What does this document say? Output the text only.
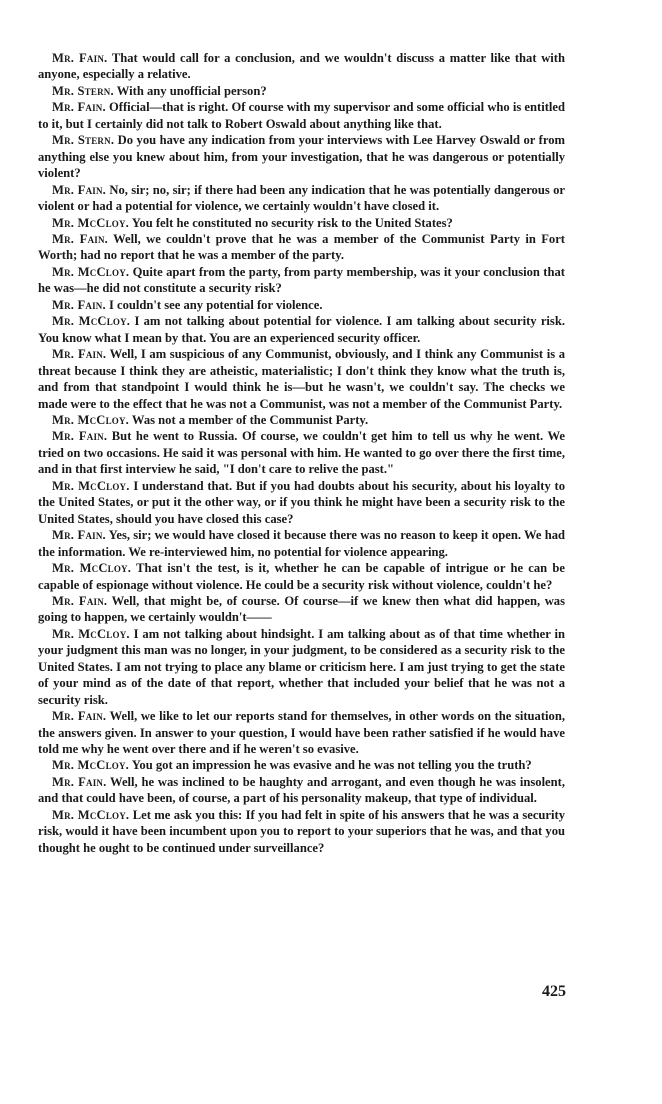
Mr. Fain. That would call for a conclusion, and we wouldn't discuss a matter like that with anyone, especially a relative.

Mr. Stern. With any unofficial person?

Mr. Fain. Official—that is right. Of course with my supervisor and some official who is entitled to it, but I certainly did not talk to Robert Oswald about anything like that.

Mr. Stern. Do you have any indication from your interviews with Lee Harvey Oswald or from anything else you knew about him, from your investigation, that he was dangerous or potentially violent?

Mr. Fain. No, sir; no, sir; if there had been any indication that he was potentially dangerous or violent or had a potential for violence, we certainly wouldn't have closed it.

Mr. McCloy. You felt he constituted no security risk to the United States?

Mr. Fain. Well, we couldn't prove that he was a member of the Communist Party in Fort Worth; had no report that he was a member of the party.

Mr. McCloy. Quite apart from the party, from party membership, was it your conclusion that he was—he did not constitute a security risk?

Mr. Fain. I couldn't see any potential for violence.

Mr. McCloy. I am not talking about potential for violence. I am talking about security risk. You know what I mean by that. You are an experienced security officer.

Mr. Fain. Well, I am suspicious of any Communist, obviously, and I think any Communist is a threat because I think they are atheistic, materialistic; I don't think they know what the truth is, and from that standpoint I would think he is—but he wasn't, we couldn't say. The checks we made were to the effect that he was not a Communist, was not a member of the Communist Party.

Mr. McCloy. Was not a member of the Communist Party.

Mr. Fain. But he went to Russia. Of course, we couldn't get him to tell us why he went. We tried on two occasions. He said it was personal with him. He wanted to go over there the first time, and in that first interview he said, "I don't care to relive the past."

Mr. McCloy. I understand that. But if you had doubts about his security, about his loyalty to the United States, or put it the other way, or if you think he might have been a security risk to the United States, should you have closed this case?

Mr. Fain. Yes, sir; we would have closed it because there was no reason to keep it open. We had the information. We re-interviewed him, no potential for violence appearing.

Mr. McCloy. That isn't the test, is it, whether he can be capable of intrigue or he can be capable of espionage without violence. He could be a security risk without violence, couldn't he?

Mr. Fain. Well, that might be, of course. Of course—if we knew then what did happen, was going to happen, we certainly wouldn't——

Mr. McCloy. I am not talking about hindsight. I am talking about as of that time whether in your judgment this man was no longer, in your judgment, to be considered as a security risk to the United States. I am not trying to place any blame or criticism here. I am just trying to get the state of your mind as of the date of that report, whether that included your belief that he was not a security risk.

Mr. Fain. Well, we like to let our reports stand for themselves, in other words on the situation, the answers given. In answer to your question, I would have been rather satisfied if he would have told me why he went over there and if he weren't so evasive.

Mr. McCloy. You got an impression he was evasive and he was not telling you the truth?

Mr. Fain. Well, he was inclined to be haughty and arrogant, and even though he was insolent, and that could have been, of course, a part of his personality makeup, that type of individual.

Mr. McCloy. Let me ask you this: If you had felt in spite of his answers that he was a security risk, would it have been incumbent upon you to report to your superiors that he was, and that you thought he ought to be continued under surveillance?

425
